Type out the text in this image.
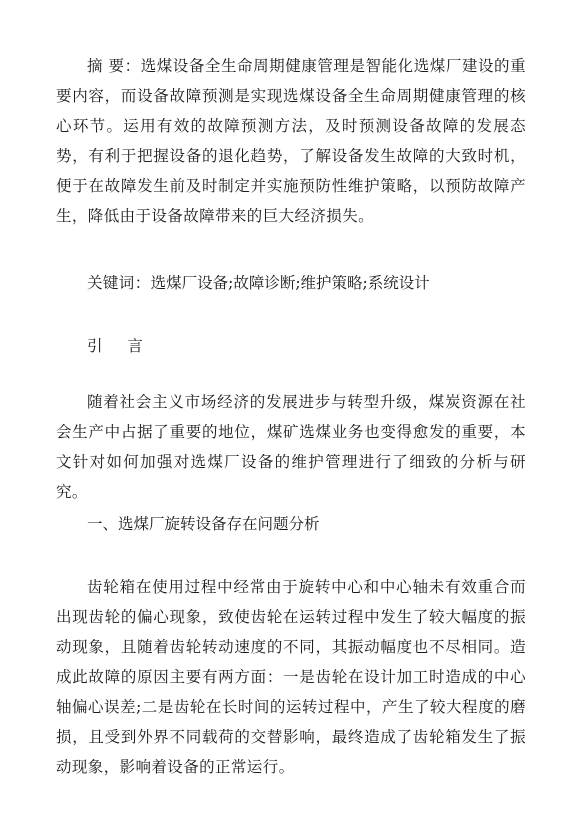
摘 要：选煤设备全生命周期健康管理是智能化选煤厂建设的重要内容，而设备故障预测是实现选煤设备全生命周期健康管理的核心环节。运用有效的故障预测方法，及时预测设备故障的发展态势，有利于把握设备的退化趋势，了解设备发生故障的大致时机，便于在故障发生前及时制定并实施预防性维护策略，以预防故障产生，降低由于设备故障带来的巨大经济损失。

关键词：选煤厂设备;故障诊断;维护策略;系统设计

引 言

随着社会主义市场经济的发展进步与转型升级，煤炭资源在社会生产中占据了重要的地位，煤矿选煤业务也变得愈发的重要，本文针对如何加强对选煤厂设备的维护管理进行了细致的分析与研究。

一、选煤厂旋转设备存在问题分析

齿轮箱在使用过程中经常由于旋转中心和中心轴未有效重合而出现齿轮的偏心现象，致使齿轮在运转过程中发生了较大幅度的振动现象，且随着齿轮转动速度的不同，其振动幅度也不尽相同。造成此故障的原因主要有两方面：一是齿轮在设计加工时造成的中心轴偏心误差;二是齿轮在长时间的运转过程中，产生了较大程度的磨损，且受到外界不同载荷的交替影响，最终造成了齿轮箱发生了振动现象，影响着设备的正常运行。
